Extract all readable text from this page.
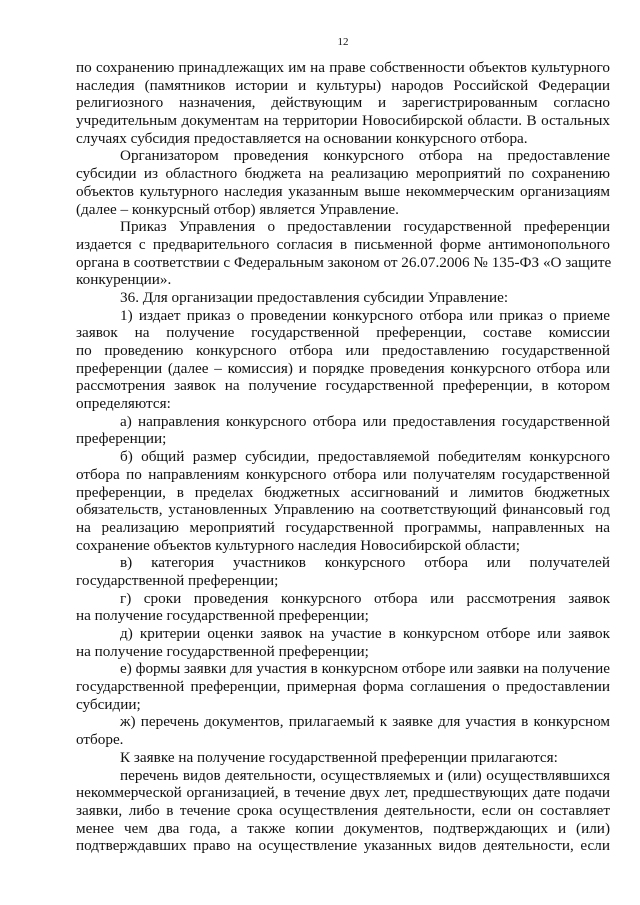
12
по сохранению принадлежащих им на праве собственности объектов культурного
наследия (памятников истории и культуры) народов Российской Федерации
религиозного назначения, действующим и зарегистрированным согласно
учредительным документам на территории Новосибирской области. В остальных
случаях субсидия предоставляется на основании конкурсного отбора.
Организатором проведения конкурсного отбора на предоставление
субсидии из областного бюджета на реализацию мероприятий по сохранению
объектов культурного наследия указанным выше некоммерческим организациям
(далее – конкурсный отбор) является Управление.
Приказ Управления о предоставлении государственной преференции
издается с предварительного согласия в письменной форме антимонопольного
органа в соответствии с Федеральным законом от 26.07.2006 № 135-ФЗ «О защите
конкуренции».
36. Для организации предоставления субсидии Управление:
1) издает приказ о проведении конкурсного отбора или приказ о приеме
заявок на получение государственной преференции, составе комиссии
по проведению конкурсного отбора или предоставлению государственной
преференции (далее – комиссия) и порядке проведения конкурсного отбора или
рассмотрения заявок на получение государственной преференции, в котором
определяются:
а) направления конкурсного отбора или предоставления государственной
преференции;
б) общий размер субсидии, предоставляемой победителям конкурсного
отбора по направлениям конкурсного отбора или получателям государственной
преференции, в пределах бюджетных ассигнований и лимитов бюджетных
обязательств, установленных Управлению на соответствующий финансовый год
на реализацию мероприятий государственной программы, направленных на
сохранение объектов культурного наследия Новосибирской области;
в) категория участников конкурсного отбора или получателей
государственной преференции;
г) сроки проведения конкурсного отбора или рассмотрения заявок
на получение государственной преференции;
д) критерии оценки заявок на участие в конкурсном отборе или заявок
на получение государственной преференции;
е) формы заявки для участия в конкурсном отборе или заявки на получение
государственной преференции, примерная форма соглашения о предоставлении
субсидии;
ж) перечень документов, прилагаемый к заявке для участия в конкурсном
отборе.
К заявке на получение государственной преференции прилагаются:
перечень видов деятельности, осуществляемых и (или) осуществлявшихся
некоммерческой организацией, в течение двух лет, предшествующих дате подачи
заявки, либо в течение срока осуществления деятельности, если он составляет
менее чем два года, а также копии документов, подтверждающих и (или)
подтверждавших право на осуществление указанных видов деятельности, если
